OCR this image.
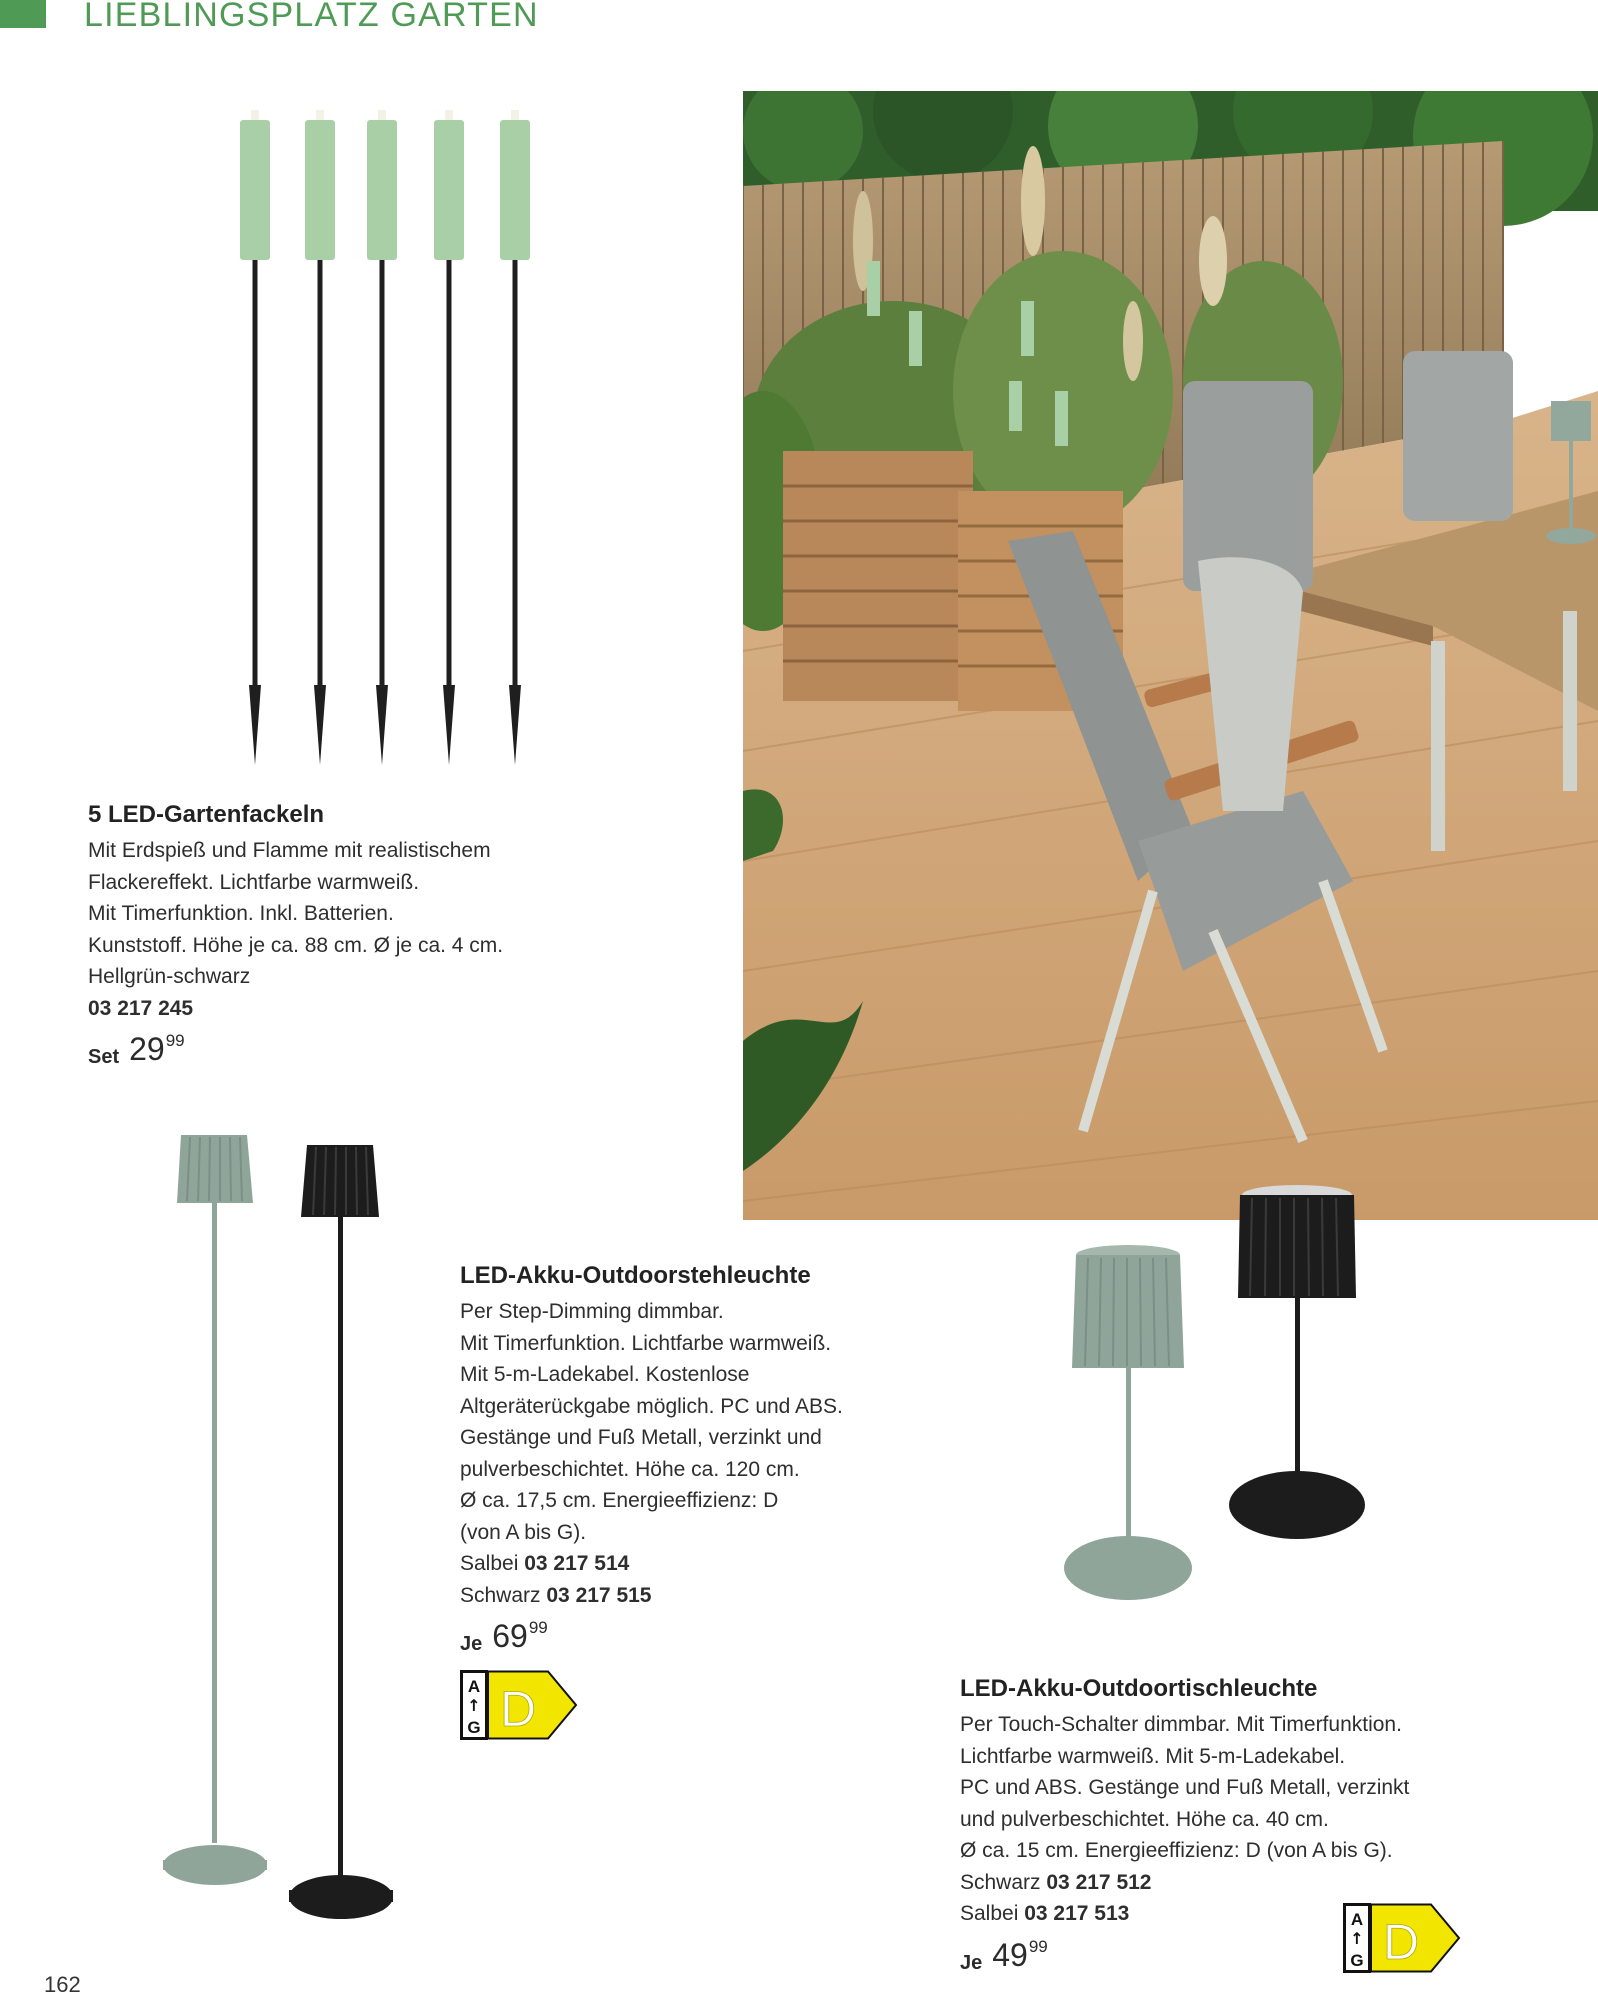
LIEBLINGSPLATZ GARTEN
5 LED-Gartenfackeln

Mit Erdspieß und Flamme mit realistischem

Flackereffekt. Lichtfarbe warmweiß.

Mit Timerfunktion. Inkl. Batterien.

Kunststoff. Höhe je ca. 88 cm. Ø je ca. 4 cm.

Hellgrün-schwarz

03 217 245

Set 29 99
LED-Akku-Outdoorstehleuchte

Per Step-Dimming dimmbar.

Mit Timerfunktion. Lichtfarbe warmweiß.

Mit 5-m-Ladekabel. Kostenlose

Altgeräterückgabe möglich. PC und ABS.

Gestänge und Fuß Metall, verzinkt und

pulverbeschichtet. Höhe ca. 120 cm.

Ø ca. 17,5 cm. Energieeffizienz: D

(von A bis G).

Salbei 03 217 514

Schwarz 03 217 515

Je 69 99
A
↑
G D	LED-Akku-Outdoortischleuchte

Per Touch-Schalter dimmbar. Mit Timerfunktion.

Lichtfarbe warmweiß. Mit 5-m-Ladekabel.

PC und ABS. Gestänge und Fuß Metall, verzinkt

und pulverbeschichtet. Höhe ca. 40 cm.

Ø ca. 15 cm. Energieeffizienz: D (von A bis G).

Schwarz 03 217 512

Salbei 03 217 513

Je 49 99
A
↑
G D
162
